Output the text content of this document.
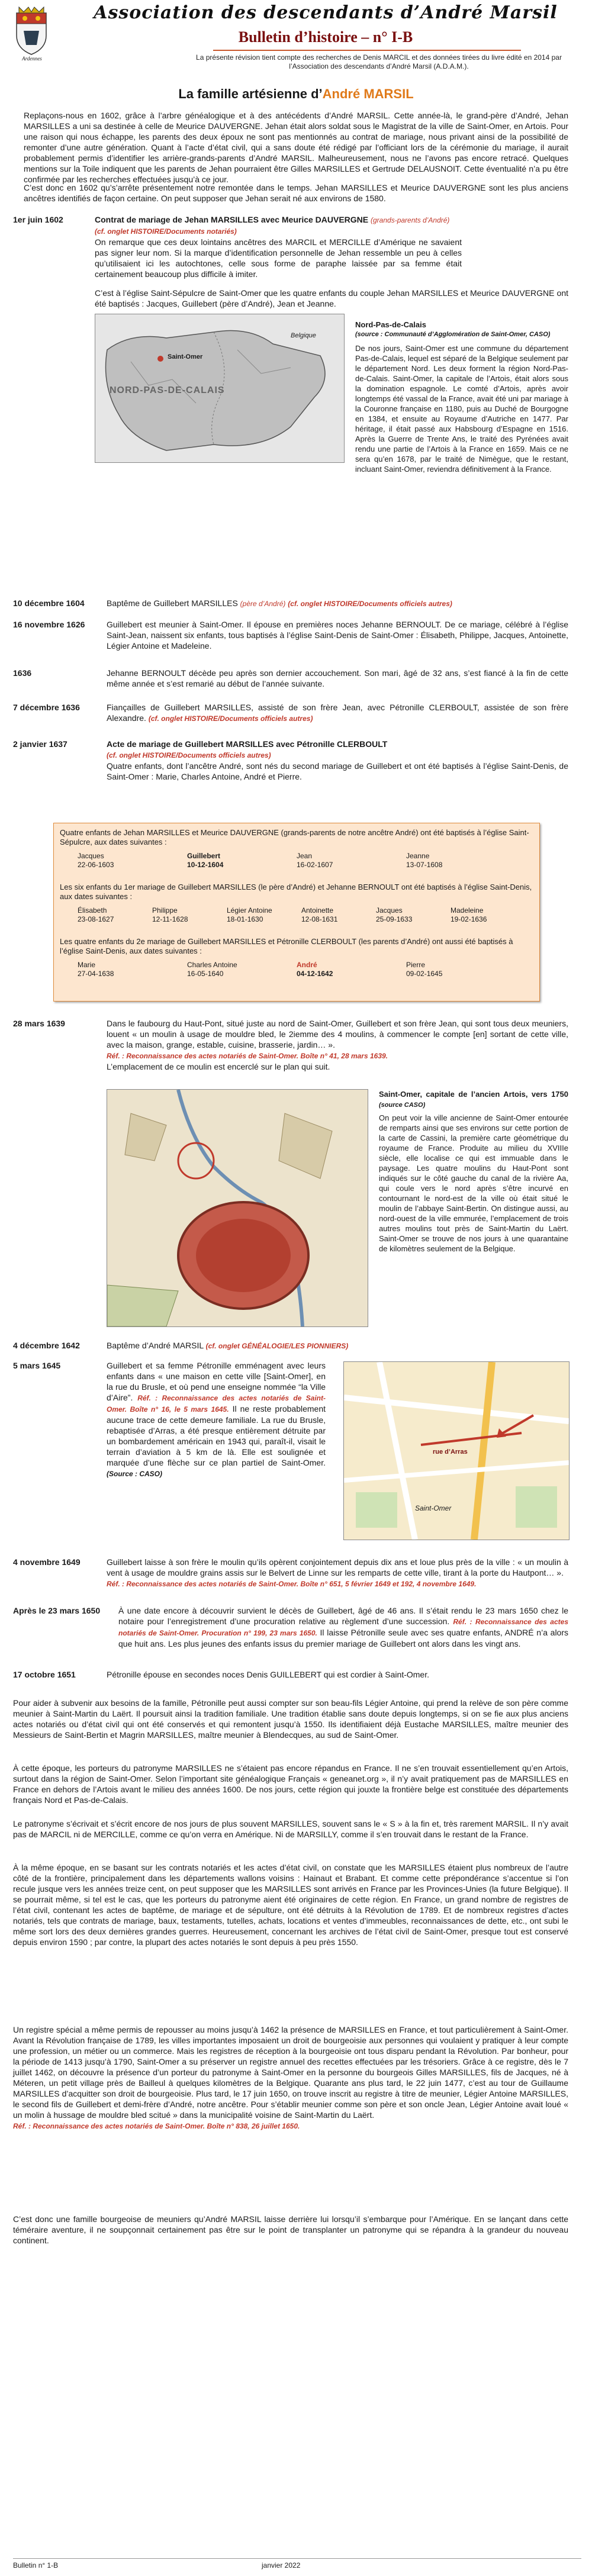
Ardennes
Association des descendants d’André Marsil
Bulletin d’histoire – n° I-B
La présente révision tient compte des recherches de Denis MARCIL et des données tirées du livre édité en 2014 par l’Association des descendants d’André Marsil (A.D.A.M.).
La famille artésienne d’André MARSIL
Replaçons-nous en 1602, grâce à l’arbre généalogique et à des antécédents d’André MARSIL. Cette année-là, le grand-père d’André, Jehan MARSILLES a uni sa destinée à celle de Meurice DAUVERGNE. Jehan était alors soldat sous le Magistrat de la ville de Saint-Omer, en Artois. Pour une raison qui nous échappe, les parents des deux époux ne sont pas mentionnés au contrat de mariage, nous privant ainsi de la possibilité de remonter d’une autre génération. Quant à l’acte d’état civil, qui a sans doute été rédigé par l’officiant lors de la cérémonie du mariage, il aurait probablement permis d’identifier les arrière-grands-parents d’André MARSIL. Malheureusement, nous ne l’avons pas encore retracé. Quelques mentions sur la Toile indiquent que les parents de Jehan pourraient être Gilles MARSILLES et Gertrude DELAUSNOIT. Cette éventualité n’a pu être confirmée par les recherches effectuées jusqu’à ce jour.
C’est donc en 1602 qu’s’arrête présentement notre remontée dans le temps. Jehan MARSILLES et Meurice DAUVERGNE sont les plus anciens ancêtres identifiés de façon certaine. On peut supposer que Jehan serait né aux environs de 1580.
1er juin 1602	Contrat de mariage de Jehan MARSILLES avec Meurice DAUVERGNE (grands-parents d’André)
(cf. onglet HISTOIRE/Documents notariés)
On remarque que ces deux lointains ancêtres des MARCIL et MERCILLE d’Amérique ne savaient pas signer leur nom. Si la marque d’identification personnelle de Jehan ressemble un peu à celles qu’utilisaient ici les autochtones, celle sous forme de paraphe laissée par sa femme était certainement beaucoup plus difficile à imiter.
C’est à l’église Saint-Sépulcre de Saint-Omer que les quatre enfants du couple Jehan MARSILLES et Meurice DAUVERGNE ont été baptisés : Jacques, Guillebert (père d’André), Jean et Jeanne.
NORD-PAS-DE-CALAIS
Saint-Omer
Belgique
Nord-Pas-de-Calais
(source : Communauté d’Agglomération de Saint-Omer, CASO)
De nos jours, Saint-Omer est une commune du département Pas-de-Calais, lequel est séparé de la Belgique seulement par le département Nord. Les deux forment la région Nord-Pas-de-Calais. Saint-Omer, la capitale de l’Artois, était alors sous la domination espagnole. Le comté d’Artois, après avoir longtemps été vassal de la France, avait été uni par mariage à la Couronne française en 1180, puis au Duché de Bourgogne en 1384, et ensuite au Royaume d’Autriche en 1477. Par héritage, il était passé aux Habsbourg d’Espagne en 1516. Après la Guerre de Trente Ans, le traité des Pyrénées avait rendu une partie de l’Artois à la France en 1659. Mais ce ne sera qu’en 1678, par le traité de Nimègue, que le restant, incluant Saint-Omer, reviendra définitivement à la France.
10 décembre 1604	Baptême de Guillebert MARSILLES (père d’André) (cf. onglet HISTOIRE/Documents officiels autres)
16 novembre 1626	Guillebert est meunier à Saint-Omer. Il épouse en premières noces Jehanne BERNOULT. De ce mariage, célébré à l’église Saint-Jean, naissent six enfants, tous baptisés à l’église Saint-Denis de Saint-Omer : Élisabeth, Philippe, Jacques, Antoinette, Légier Antoine et Madeleine.
1636	Jehanne BERNOULT décède peu après son dernier accouchement. Son mari, âgé de 32 ans, s’est fiancé à la fin de cette même année et s’est remarié au début de l’année suivante.
7 décembre 1636	Fiançailles de Guillebert MARSILLES, assisté de son frère Jean, avec Pétronille CLERBOULT, assistée de son frère Alexandre. (cf. onglet HISTOIRE/Documents officiels autres)
2 janvier 1637	Acte de mariage de Guillebert MARSILLES avec Pétronille CLERBOULT
(cf. onglet HISTOIRE/Documents officiels autres)
Quatre enfants, dont l’ancêtre André, sont nés du second mariage de Guillebert et ont été baptisés à l’église Saint-Denis, de Saint-Omer : Marie, Charles Antoine, André et Pierre.
Quatre enfants de Jehan MARSILLES et Meurice DAUVERGNE (grands-parents de notre ancêtre André) ont été baptisés à l’église Saint-Sépulcre, aux dates suivantes :
Jacques	Guillebert	Jean	Jeanne
22-06-1603	10-12-1604	16-02-1607	13-07-1608
Les six enfants du 1er mariage de Guillebert MARSILLES (le père d’André) et Jehanne BERNOULT ont été baptisés à l’église Saint-Denis, aux dates suivantes :
Élisabeth	Philippe	Légier Antoine	Antoinette	Jacques	Madeleine
23-08-1627	12-11-1628	18-01-1630	12-08-1631	25-09-1633	19-02-1636
Les quatre enfants du 2e mariage de Guillebert MARSILLES et Pétronille CLERBOULT (les parents d’André) ont aussi été baptisés à l’église Saint-Denis, aux dates suivantes :
Marie	Charles Antoine	André	Pierre
27-04-1638	16-05-1640	04-12-1642	09-02-1645
28 mars 1639	Dans le faubourg du Haut-Pont, situé juste au nord de Saint-Omer, Guillebert et son frère Jean, qui sont tous deux meuniers, louent « un moulin à usage de mouldre bled, le 2iemme des 4 moulins, à commencer le compte [en] sortant de cette ville, avec la maison, grange, estable, cuisine, brasserie, jardin… ».
Réf. : Reconnaissance des actes notariés de Saint-Omer. Boîte n° 41, 28 mars 1639.
L’emplacement de ce moulin est encerclé sur le plan qui suit.
Saint-Omer, capitale de l’ancien Artois, vers 1750 (source CASO)
On peut voir la ville ancienne de Saint-Omer entourée de remparts ainsi que ses environs sur cette portion de la carte de Cassini, la première carte géométrique du royaume de France. Produite au milieu du XVIIIe siècle, elle localise ce qui est immuable dans le paysage. Les quatre moulins du Haut-Pont sont indiqués sur le côté gauche du canal de la rivière Aa, qui coule vers le nord après s’être incurvé en contournant le nord-est de la ville où était situé le moulin de l’abbaye Saint-Bertin. On distingue aussi, au nord-ouest de la ville emmurée, l’emplacement de trois autres moulins tout près de Saint-Martin du Laërt. Saint-Omer se trouve de nos jours à une quarantaine de kilomètres seulement de la Belgique.
4 décembre 1642	Baptême d’André MARSIL (cf. onglet GÉNÉALOGIE/LES PIONNIERS)
5 mars 1645	Guillebert et sa femme Pétronille emménagent avec leurs enfants dans « une maison en cette ville [Saint-Omer], en la rue du Brusle, et où pend une enseigne nommée “la Ville d’Aire”. Réf. : Reconnaissance des actes notariés de Saint-Omer. Boîte n° 16, le 5 mars 1645. Il ne reste probablement aucune trace de cette demeure familiale. La rue du Brusle, rebaptisée d’Arras, a été presque entièrement détruite par un bombardement américain en 1943 qui, paraît-il, visait le terrain d’aviation à 5 km de là. Elle est soulignée et marquée d’une flèche sur ce plan partiel de Saint-Omer. (Source : CASO)
rue d’Arras
Saint-Omer
4 novembre 1649	Guillebert laisse à son frère le moulin qu’ils opèrent conjointement depuis dix ans et loue plus près de la ville : « un moulin à vent à usage de mouldre grains assis sur le Belvert de Linne sur les remparts de cette ville, tirant à la porte du Hautpont… ».
Réf. : Reconnaissance des actes notariés de Saint-Omer. Boîte n° 651, 5 février 1649 et 192, 4 novembre 1649.
Après le 23 mars 1650	À une date encore à découvrir survient le décès de Guillebert, âgé de 46 ans. Il s’était rendu le 23 mars 1650 chez le notaire pour l’enregistrement d’une procuration relative au règlement d’une succession. Réf. : Reconnaissance des actes notariés de Saint-Omer. Procuration n° 199, 23 mars 1650. Il laisse Pétronille seule avec ses quatre enfants, ANDRÉ n’a alors que huit ans. Les plus jeunes des enfants issus du premier mariage de Guillebert ont alors dans les vingt ans.
17 octobre 1651	Pétronille épouse en secondes noces Denis GUILLEBERT qui est cordier à Saint-Omer.
Pour aider à subvenir aux besoins de la famille, Pétronille peut aussi compter sur son beau-fils Légier Antoine, qui prend la relève de son père comme meunier à Saint-Martin du Laërt. Il poursuit ainsi la tradition familiale. Une tradition établie sans doute depuis longtemps, si on se fie aux plus anciens actes notariés ou d’état civil qui ont été conservés et qui remontent jusqu’à 1550. Ils identifiaient déjà Eustache MARSILLES, maître meunier des Messieurs de Saint-Bertin et Magrin MARSILLES, maître meunier à Blendecques, au sud de Saint-Omer.
À cette époque, les porteurs du patronyme MARSILLES ne s’étaient pas encore répandus en France. Il ne s’en trouvait essentiellement qu’en Artois, surtout dans la région de Saint-Omer. Selon l’important site généalogique Français « geneanet.org », il n’y avait pratiquement pas de MARSILLES en France en dehors de l’Artois avant le milieu des années 1600. De nos jours, cette région qui jouxte la frontière belge est constituée des départements français Nord et Pas-de-Calais.
Le patronyme s’écrivait et s’écrit encore de nos jours de plus souvent MARSILLES, souvent sans le « S » à la fin et, très rarement MARSIL. Il n’y avait pas de MARCIL ni de MERCILLE, comme ce qu’on verra en Amérique. Ni de MARSILLY, comme il s’en trouvait dans le restant de la France.
À la même époque, en se basant sur les contrats notariés et les actes d’état civil, on constate que les MARSILLES étaient plus nombreux de l’autre côté de la frontière, principalement dans les départements wallons voisins : Hainaut et Brabant. Et comme cette prépondérance s’accentue si l’on recule jusque vers les années treize cent, on peut supposer que les MARSILLES sont arrivés en France par les Provinces-Unies (la future Belgique). Il se pourrait même, si tel est le cas, que les porteurs du patronyme aient été originaires de cette région. En France, un grand nombre de registres de l’état civil, contenant les actes de baptême, de mariage et de sépulture, ont été détruits à la Révolution de 1789. Et de nombreux registres d’actes notariés, tels que contrats de mariage, baux, testaments, tutelles, achats, locations et ventes d’immeubles, reconnaissances de dette, etc., ont subi le même sort lors des deux dernières grandes guerres. Heureusement, concernant les archives de l’état civil de Saint-Omer, presque tout est conservé depuis environ 1590 ; par contre, la plupart des actes notariés le sont depuis à peu près 1550.
Un registre spécial a même permis de repousser au moins jusqu’à 1462 la présence de MARSILLES en France, et tout particulièrement à Saint-Omer. Avant la Révolution française de 1789, les villes importantes imposaient un droit de bourgeoisie aux personnes qui voulaient y pratiquer à leur compte une profession, un métier ou un commerce. Mais les registres de réception à la bourgeoisie ont tous disparu pendant la Révolution. Par bonheur, pour la période de 1413 jusqu’à 1790, Saint-Omer a su préserver un registre annuel des recettes effectuées par les trésoriers. Grâce à ce registre, dès le 7 juillet 1462, on découvre la présence d’un porteur du patronyme à Saint-Omer en la personne du bourgeois Gilles MARSILLES, fils de Jacques, né à Méteren, un petit village près de Bailleul à quelques kilomètres de la Belgique. Quarante ans plus tard, le 22 juin 1477, c’est au tour de Guillaume MARSILLES d’acquitter son droit de bourgeoisie. Plus tard, le 17 juin 1650, on trouve inscrit au registre à titre de meunier, Légier Antoine MARSILLES, le second fils de Guillebert et demi-frère d’André, notre ancêtre. Pour s’établir meunier comme son père et son oncle Jean, Légier Antoine avait loué « un molin à hussage de mouldre bled scitué » dans la municipalité voisine de Saint-Martin du Laërt.
Réf. : Reconnaissance des actes notariés de Saint-Omer. Boîte n° 838, 26 juillet 1650.
C’est donc une famille bourgeoise de meuniers qu’André MARSIL laisse derrière lui lorsqu’il s’embarque pour l’Amérique. En se lançant dans cette téméraire aventure, il ne soupçonnait certainement pas être sur le point de transplanter un patronyme qui se répandra à la grandeur du nouveau continent.
Bulletin n° 1-B	janvier 2022
